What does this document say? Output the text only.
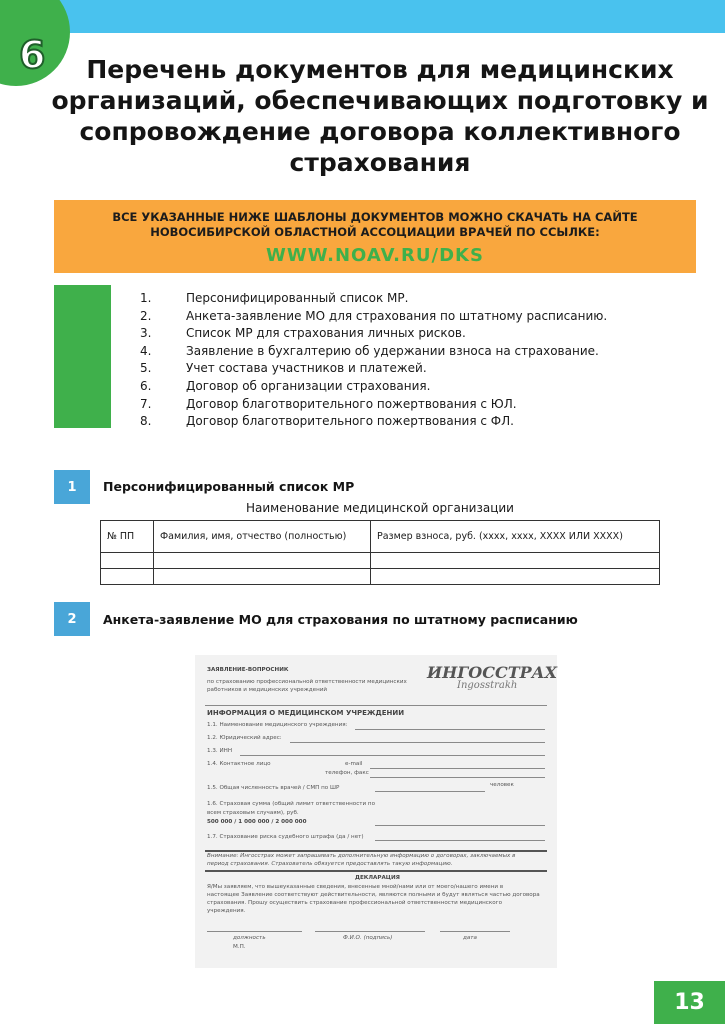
6	Перечень документов для медицинских организаций, обеспечивающих подготовку и сопровождение договора коллективного страхования
ВСЕ УКАЗАННЫЕ НИЖЕ ШАБЛОНЫ ДОКУМЕНТОВ МОЖНО СКАЧАТЬ НА САЙТЕ
НОВОСИБИРСКОЙ ОБЛАСТНОЙ АССОЦИАЦИИ ВРАЧЕЙ ПО ССЫЛКЕ:
WWW.NOAV.RU/DKS
1.	Персонифицированный список МР.
2.	Анкета-заявление МО для страхования по штатному расписанию.
3.	Список МР для страхования личных рисков.
4.	Заявление в бухгалтерию об удержании взноса на страхование.
5.	Учет состава участников и платежей.
6.	Договор об организации страхования.
7.	Договор благотворительного пожертвования с ЮЛ.
8.	Договор благотворительного пожертвования с ФЛ.
1	Персонифицированный список МР
Наименование медицинской организации
№ ПП	Фамилия, имя, отчество (полностью)	Размер взноса, руб. (хххх, хххх, ХХХХ ИЛИ ХХХХ)

2	Анкета-заявление МО для страхования по штатному расписанию
ЗАЯВЛЕНИЕ-ВОПРОСНИК
по страхованию профессиональной ответственности медицинских
работников и медицинских учреждений
ИНГОССТРАХ
Ingosstrakh
ИНФОРМАЦИЯ О МЕДИЦИНСКОМ УЧРЕЖДЕНИИ
1.1. Наименование медицинского учреждения:
1.2. Юридический адрес:
1.3. ИНН
1.4. Контактное лицо	e-mail
телефон, факс
1.5. Общая численность врачей / СМП по ШР	человек
1.6. Страховая сумма (общий лимит ответственности по
всем страховым случаям), руб.
500 000 / 1 000 000 / 2 000 000
1.7. Страхование риска судебного штрафа (да / нет)
Внимание: Ингосстрах может запрашивать дополнительную информацию о договорах, заключаемых в
период страхования. Страхователь обязуется предоставлять такую информацию.
ДЕКЛАРАЦИЯ
Я/Мы заявляем, что вышеуказанные сведения, внесенные мной/нами или от моего/нашего имени в
настоящее Заявление соответствуют действительности, являются полными и будут являться частью договора
страхования. Прошу осуществить страхование профессиональной ответственности медицинского
учреждения.
должность	Ф.И.О. (подпись)	дата
М.П.
13
